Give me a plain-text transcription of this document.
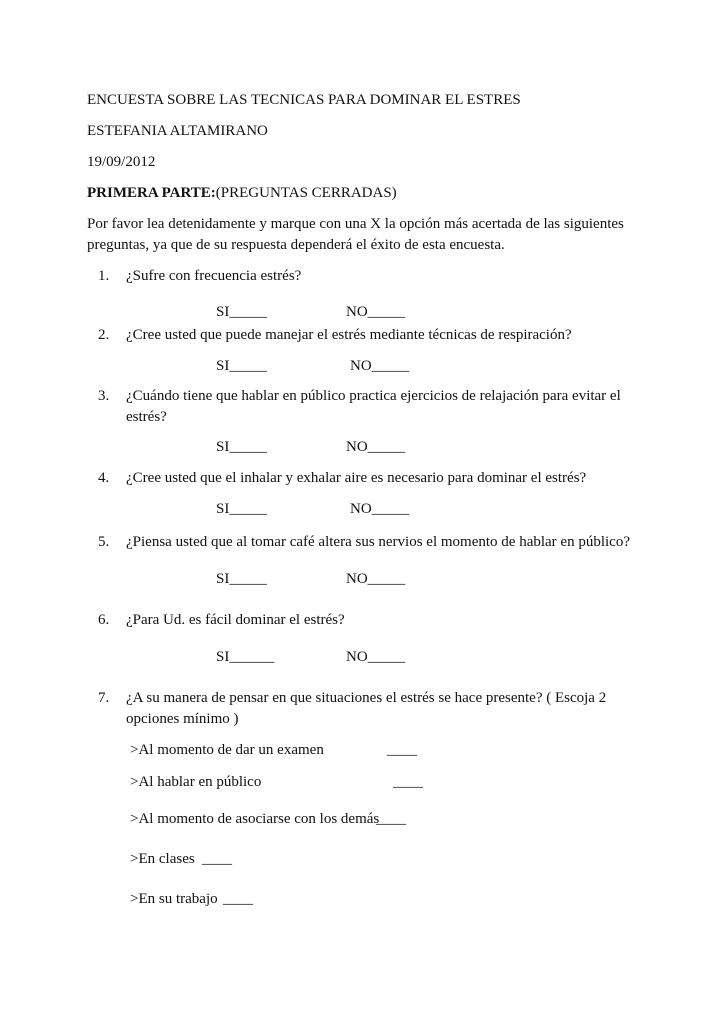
ENCUESTA SOBRE LAS TECNICAS PARA DOMINAR EL ESTRES
ESTEFANIA ALTAMIRANO
19/09/2012
PRIMERA PARTE:(PREGUNTAS CERRADAS)
Por favor lea detenidamente y marque con una X la opción más acertada de las siguientes
preguntas, ya que de su respuesta dependerá el éxito de esta encuesta.
1. ¿Sufre con frecuencia estrés?
SI_____	NO_____
2. ¿Cree usted que puede manejar el estrés mediante técnicas de respiración?
SI_____	NO_____
3. ¿Cuándo tiene que hablar en público practica ejercicios de relajación para evitar el
estrés?
SI_____	NO_____
4. ¿Cree usted que el inhalar y exhalar aire es necesario para dominar el estrés?
SI_____	NO_____
5. ¿Piensa usted que al tomar café altera sus nervios el momento de hablar en público?
SI_____	NO_____
6. ¿Para Ud. es fácil dominar el estrés?
SI______	NO_____
7. ¿A su manera de pensar en que situaciones el estrés se hace presente? ( Escoja 2
opciones mínimo )
>Al momento de dar un examen	____
>Al hablar en público	____
>Al momento de asociarse con los demás
____
>En clases ____
>En su trabajo ____
